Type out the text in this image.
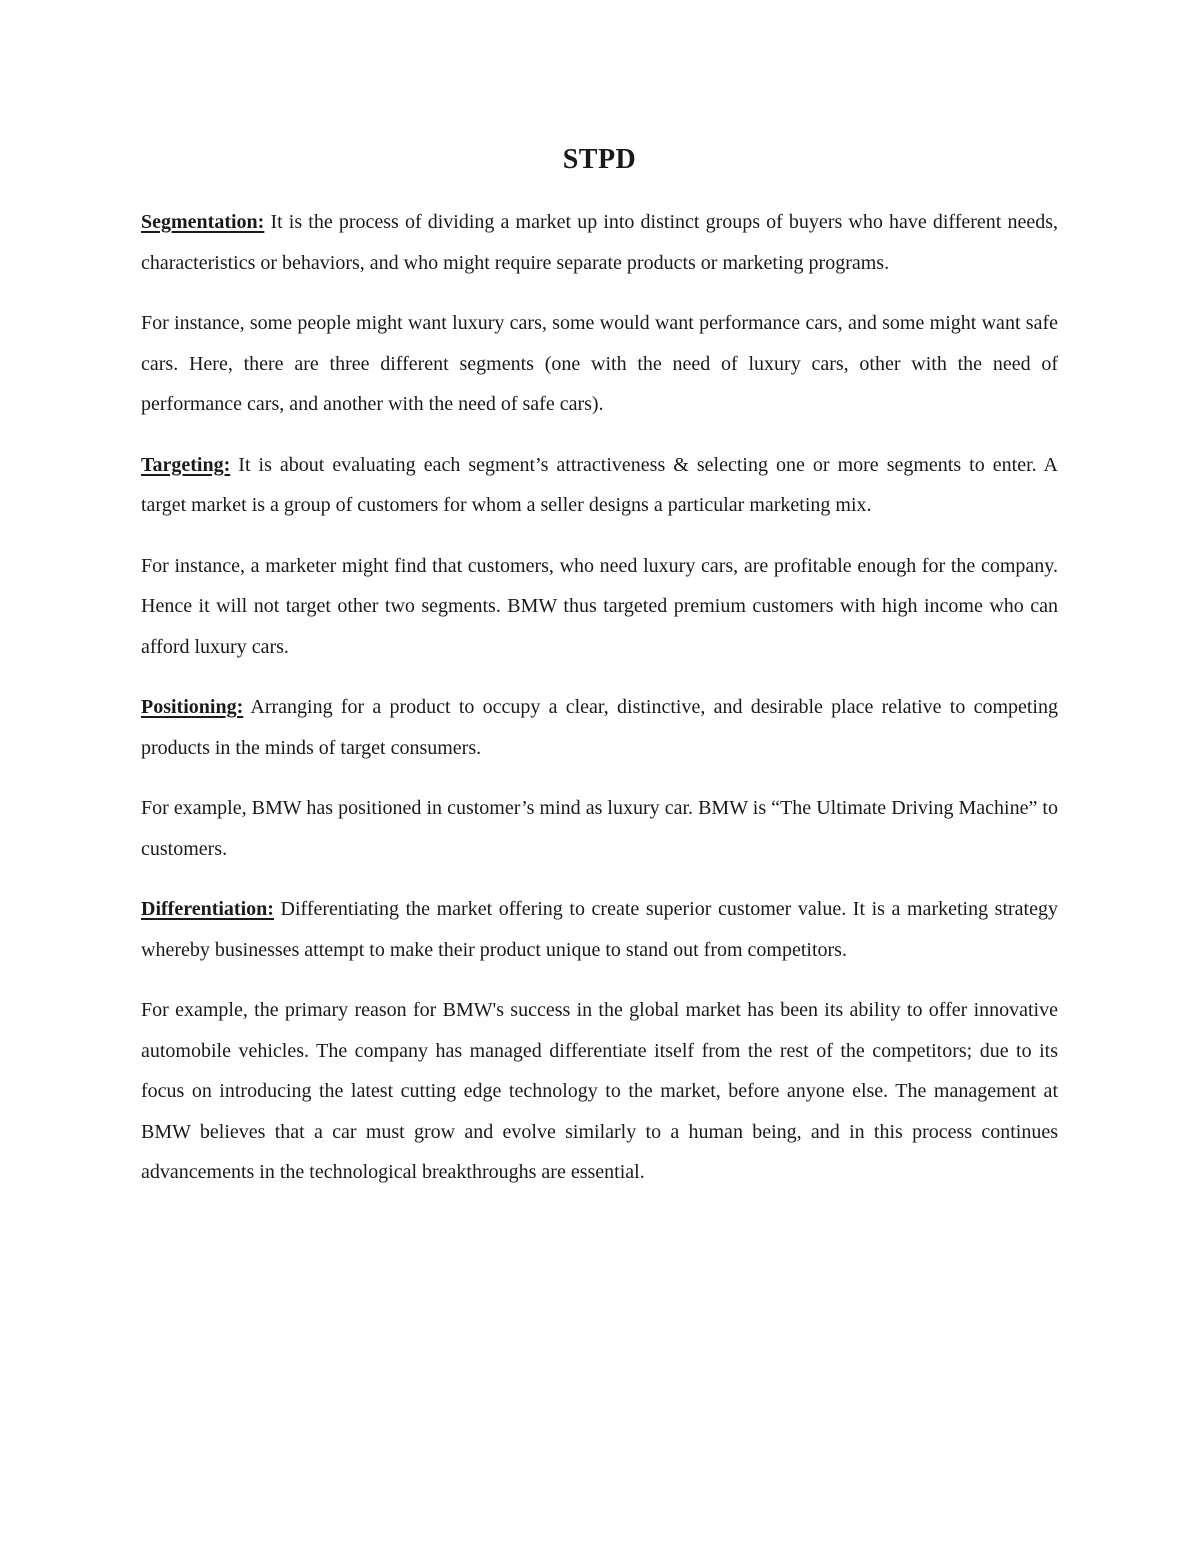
STPD

Segmentation: It is the process of dividing a market up into distinct groups of buyers who have different needs, characteristics or behaviors, and who might require separate products or marketing programs.

For instance, some people might want luxury cars, some would want performance cars, and some might want safe cars. Here, there are three different segments (one with the need of luxury cars, other with the need of performance cars, and another with the need of safe cars).

Targeting: It is about evaluating each segment’s attractiveness & selecting one or more segments to enter. A target market is a group of customers for whom a seller designs a particular marketing mix.

For instance, a marketer might find that customers, who need luxury cars, are profitable enough for the company. Hence it will not target other two segments. BMW thus targeted premium customers with high income who can afford luxury cars.

Positioning: Arranging for a product to occupy a clear, distinctive, and desirable place relative to competing products in the minds of target consumers.

For example, BMW has positioned in customer’s mind as luxury car. BMW is “The Ultimate Driving Machine” to customers.

Differentiation: Differentiating the market offering to create superior customer value. It is a marketing strategy whereby businesses attempt to make their product unique to stand out from competitors.

For example, the primary reason for BMW's success in the global market has been its ability to offer innovative automobile vehicles. The company has managed differentiate itself from the rest of the competitors; due to its focus on introducing the latest cutting edge technology to the market, before anyone else. The management at BMW believes that a car must grow and evolve similarly to a human being, and in this process continues advancements in the technological breakthroughs are essential.
